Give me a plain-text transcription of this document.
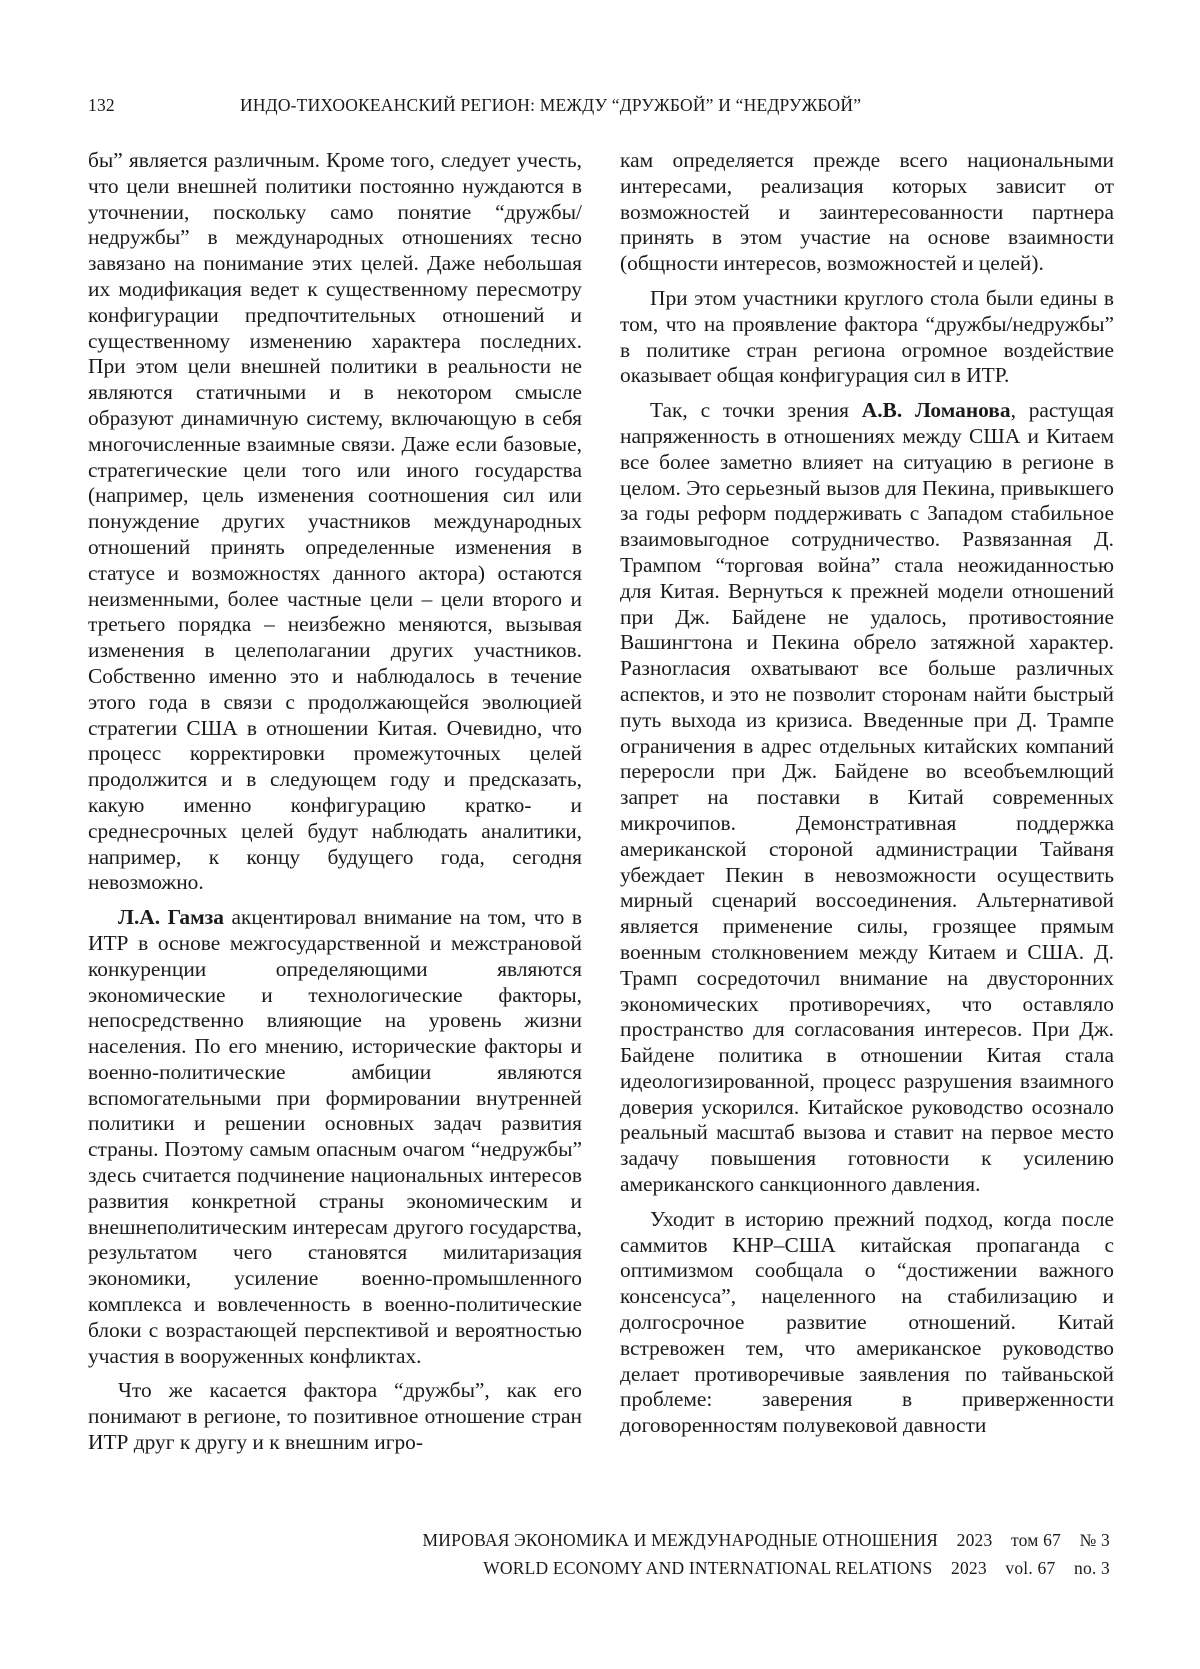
132	ИНДО-ТИХООКЕАНСКИЙ РЕГИОН: МЕЖДУ “ДРУЖБОЙ” И “НЕДРУЖБОЙ”

бы” является различным. Кроме того, следует учесть, что цели внешней политики постоянно нуждаются в уточнении, поскольку само понятие “дружбы/недружбы” в международных отношениях тесно завязано на понимание этих целей. Даже небольшая их модификация ведет к существенному пересмотру конфигурации предпочтительных отношений и существенному изменению характера последних. При этом цели внешней политики в реальности не являются статичными и в некотором смысле образуют динамичную систему, включающую в себя многочисленные взаимные связи. Даже если базовые, стратегические цели того или иного государства (например, цель изменения соотношения сил или понуждение других участников международных отношений принять определенные изменения в статусе и возможностях данного актора) остаются неизменными, более частные цели – цели второго и третьего порядка – неизбежно меняются, вызывая изменения в целеполагании других участников. Собственно именно это и наблюдалось в течение этого года в связи с продолжающейся эволюцией стратегии США в отношении Китая. Очевидно, что процесс корректировки промежуточных целей продолжится и в следующем году и предсказать, какую именно конфигурацию кратко- и среднесрочных целей будут наблюдать аналитики, например, к концу будущего года, сегодня невозможно.

Л.А. Гамза акцентировал внимание на том, что в ИТР в основе межгосударственной и межстрановой конкуренции определяющими являются экономические и технологические факторы, непосредственно влияющие на уровень жизни населения. По его мнению, исторические факторы и военно-политические амбиции являются вспомогательными при формировании внутренней политики и решении основных задач развития страны. Поэтому самым опасным очагом “недружбы” здесь считается подчинение национальных интересов развития конкретной страны экономическим и внешнеполитическим интересам другого государства, результатом чего становятся милитаризация экономики, усиление военно-промышленного комплекса и вовлеченность в военно-политические блоки с возрастающей перспективой и вероятностью участия в вооруженных конфликтах.

Что же касается фактора “дружбы”, как его понимают в регионе, то позитивное отношение стран ИТР друг к другу и к внешним игро-

кам определяется прежде всего национальными интересами, реализация которых зависит от возможностей и заинтересованности партнера принять в этом участие на основе взаимности (общности интересов, возможностей и целей).

При этом участники круглого стола были едины в том, что на проявление фактора “дружбы/недружбы” в политике стран региона огромное воздействие оказывает общая конфигурация сил в ИТР.

Так, с точки зрения А.В. Ломанова, растущая напряженность в отношениях между США и Китаем все более заметно влияет на ситуацию в регионе в целом. Это серьезный вызов для Пекина, привыкшего за годы реформ поддерживать с Западом стабильное взаимовыгодное сотрудничество. Развязанная Д. Трампом “торговая война” стала неожиданностью для Китая. Вернуться к прежней модели отношений при Дж. Байдене не удалось, противостояние Вашингтона и Пекина обрело затяжной характер. Разногласия охватывают все больше различных аспектов, и это не позволит сторонам найти быстрый путь выхода из кризиса. Введенные при Д. Трампе ограничения в адрес отдельных китайских компаний переросли при Дж. Байдене во всеобъемлющий запрет на поставки в Китай современных микрочипов. Демонстративная поддержка американской стороной администрации Тайваня убеждает Пекин в невозможности осуществить мирный сценарий воссоединения. Альтернативой является применение силы, грозящее прямым военным столкновением между Китаем и США. Д. Трамп сосредоточил внимание на двусторонних экономических противоречиях, что оставляло пространство для согласования интересов. При Дж. Байдене политика в отношении Китая стала идеологизированной, процесс разрушения взаимного доверия ускорился. Китайское руководство осознало реальный масштаб вызова и ставит на первое место задачу повышения готовности к усилению американского санкционного давления.

Уходит в историю прежний подход, когда после саммитов КНР–США китайская пропаганда с оптимизмом сообщала о “достижении важного консенсуса”, нацеленного на стабилизацию и долгосрочное развитие отношений. Китай встревожен тем, что американское руководство делает противоречивые заявления по тайваньской проблеме: заверения в приверженности договоренностям полувековой давности

МИРОВАЯ ЭКОНОМИКА И МЕЖДУНАРОДНЫЕ ОТНОШЕНИЯ 2023 том 67 № 3
WORLD ECONOMY AND INTERNATIONAL RELATIONS 2023 vol. 67 no. 3
